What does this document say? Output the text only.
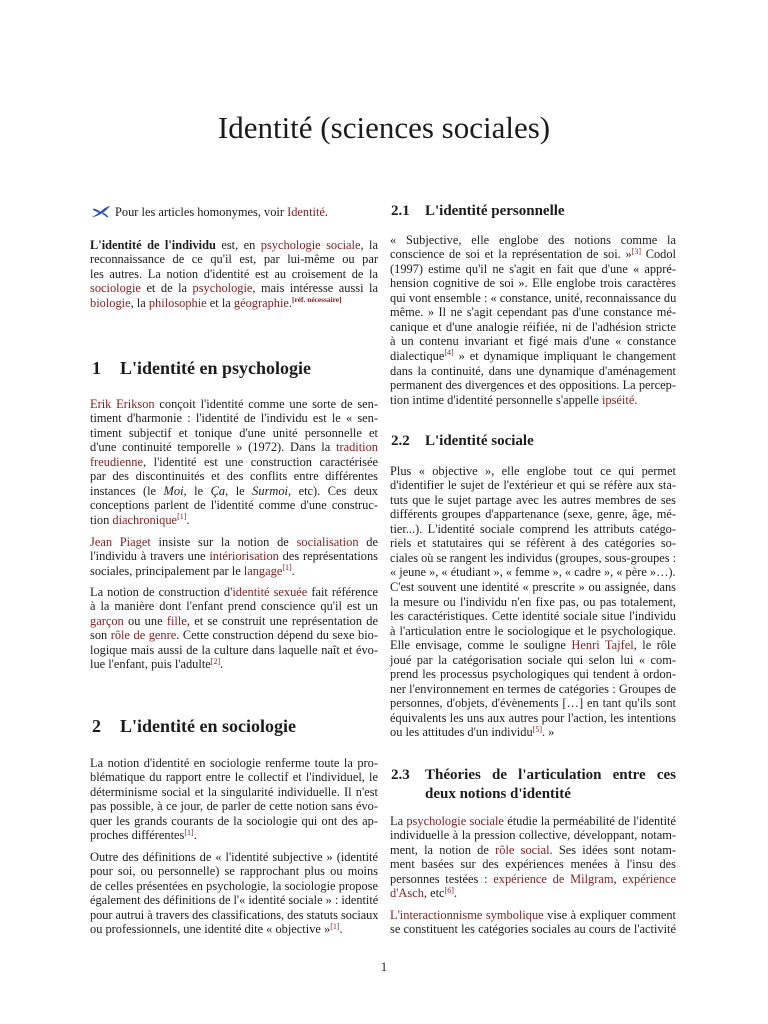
Identité (sciences sociales)
Pour les articles homonymes, voir Identité.
L'identité de l'individu est, en psychologie sociale, la
reconnaissance de ce qu'il est, par lui-même ou par
les autres. La notion d'identité est au croisement de la
sociologie et de la psychologie, mais intéresse aussi la
biologie, la philosophie et la géographie.[réf. nécessaire]
1 L'identité en psychologie
Erik Erikson conçoit l'identité comme une sorte de sen-
timent d'harmonie : l'identité de l'individu est le « sen-
timent subjectif et tonique d'une unité personnelle et
d'une continuité temporelle » (1972). Dans la tradition
freudienne, l'identité est une construction caractérisée
par des discontinuités et des conflits entre différentes
instances (le Moi, le Ça, le Surmoi, etc). Ces deux
conceptions parlent de l'identité comme d'une construc-
tion diachronique[1].
Jean Piaget insiste sur la notion de socialisation de
l'individu à travers une intériorisation des représentations
sociales, principalement par le langage[1].
La notion de construction d'identité sexuée fait référence
à la manière dont l'enfant prend conscience qu'il est un
garçon ou une fille, et se construit une représentation de
son rôle de genre. Cette construction dépend du sexe bio-
logique mais aussi de la culture dans laquelle naît et évo-
lue l'enfant, puis l'adulte[2].
2 L'identité en sociologie
La notion d'identité en sociologie renferme toute la pro-
blématique du rapport entre le collectif et l'individuel, le
déterminisme social et la singularité individuelle. Il n'est
pas possible, à ce jour, de parler de cette notion sans évo-
quer les grands courants de la sociologie qui ont des ap-
proches différentes[1].
Outre des définitions de « l'identité subjective » (identité
pour soi, ou personnelle) se rapprochant plus ou moins
de celles présentées en psychologie, la sociologie propose
également des définitions de l'« identité sociale » : identité
pour autrui à travers des classifications, des statuts sociaux
ou professionnels, une identité dite « objective »[1].
2.1 L'identité personnelle
« Subjective, elle englobe des notions comme la
conscience de soi et la représentation de soi. »[3] Codol
(1997) estime qu'il ne s'agit en fait que d'une « appré-
hension cognitive de soi ». Elle englobe trois caractères
qui vont ensemble : « constance, unité, reconnaissance du
même. » Il ne s'agit cependant pas d'une constance mé-
canique et d'une analogie réifiée, ni de l'adhésion stricte
à un contenu invariant et figé mais d'une « constance
dialectique[4] » et dynamique impliquant le changement
dans la continuité, dans une dynamique d'aménagement
permanent des divergences et des oppositions. La percep-
tion intime d'identité personnelle s'appelle ipséité.
2.2 L'identité sociale
Plus « objective », elle englobe tout ce qui permet
d'identifier le sujet de l'extérieur et qui se réfère aux sta-
tuts que le sujet partage avec les autres membres de ses
différents groupes d'appartenance (sexe, genre, âge, mé-
tier...). L'identité sociale comprend les attributs catégo-
riels et statutaires qui se réfèrent à des catégories so-
ciales où se rangent les individus (groupes, sous-groupes :
« jeune », « étudiant », « femme », « cadre », « père »…).
C'est souvent une identité « prescrite » ou assignée, dans
la mesure ou l'individu n'en fixe pas, ou pas totalement,
les caractéristiques. Cette identité sociale situe l'individu
à l'articulation entre le sociologique et le psychologique.
Elle envisage, comme le souligne Henri Tajfel, le rôle
joué par la catégorisation sociale qui selon lui « com-
prend les processus psychologiques qui tendent à ordon-
ner l'environnement en termes de catégories : Groupes de
personnes, d'objets, d'évènements […] en tant qu'ils sont
équivalents les uns aux autres pour l'action, les intentions
ou les attitudes d'un individu[5]. »
2.3 Théories de l'articulation entre ces
deux notions d'identité
La psychologie sociale étudie la perméabilité de l'identité
individuelle à la pression collective, développant, notam-
ment, la notion de rôle social. Ses idées sont notam-
ment basées sur des expériences menées à l'insu des
personnes testées : expérience de Milgram, expérience
d'Asch, etc[6].
L'interactionnisme symbolique vise à expliquer comment
se constituent les catégories sociales au cours de l'activité
1
